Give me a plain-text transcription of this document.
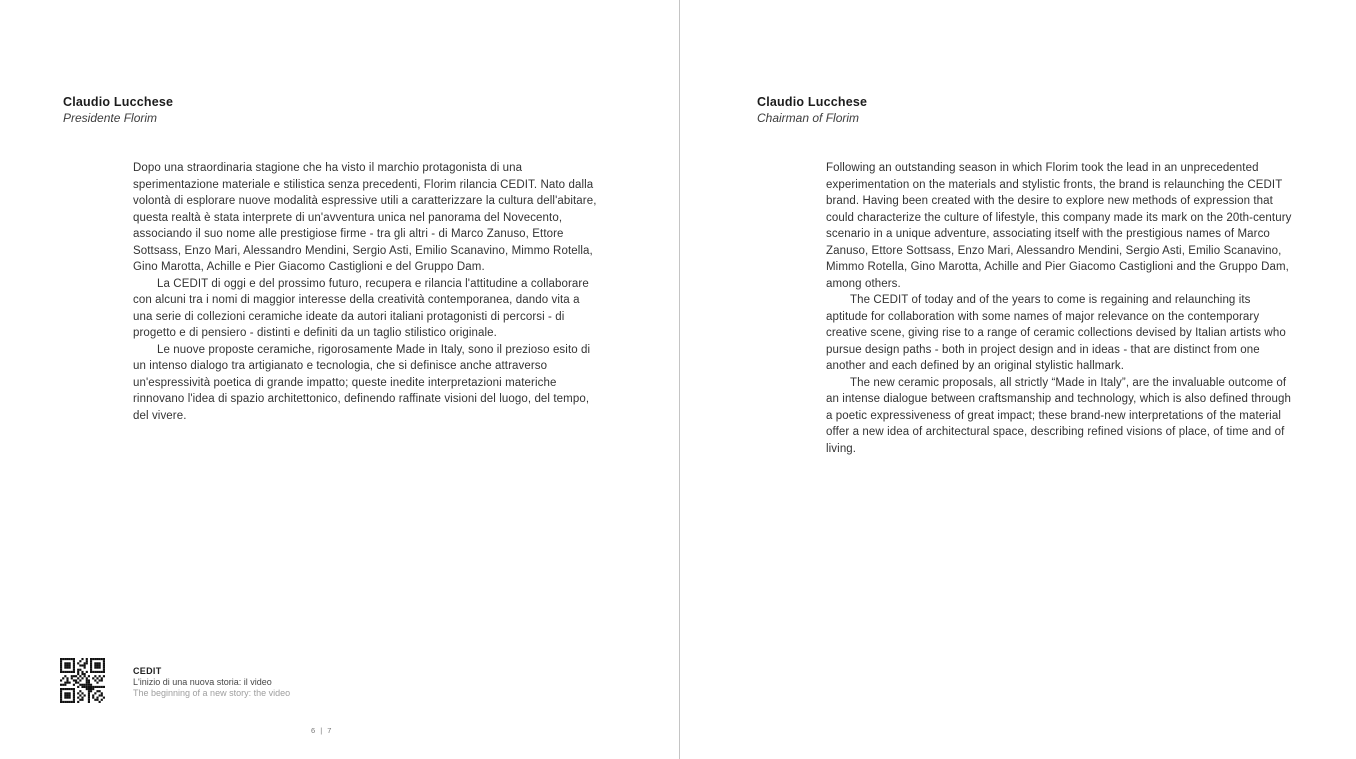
Claudio Lucchese
Presidente Florim

Dopo una straordinaria stagione che ha visto il marchio protagonista di una sperimentazione materiale e stilistica senza precedenti, Florim rilancia CEDIT. Nato dalla volontà di esplorare nuove modalità espressive utili a caratterizzare la cultura dell'abitare, questa realtà è stata interprete di un'avventura unica nel panorama del Novecento, associando il suo nome alle prestigiose firme - tra gli altri - di Marco Zanuso, Ettore Sottsass, Enzo Mari, Alessandro Mendini, Sergio Asti, Emilio Scanavino, Mimmo Rotella, Gino Marotta, Achille e Pier Giacomo Castiglioni e del Gruppo Dam.

La CEDIT di oggi e del prossimo futuro, recupera e rilancia l'attitudine a collaborare con alcuni tra i nomi di maggior interesse della creatività contemporanea, dando vita a una serie di collezioni ceramiche ideate da autori italiani protagonisti di percorsi - di progetto e di pensiero - distinti e definiti da un taglio stilistico originale.

Le nuove proposte ceramiche, rigorosamente Made in Italy, sono il prezioso esito di un intenso dialogo tra artigianato e tecnologia, che si definisce anche attraverso un'espressività poetica di grande impatto; queste inedite interpretazioni materiche rinnovano l'idea di spazio architettonico, definendo raffinate visioni del luogo, del tempo, del vivere.

CEDIT
L'inizio di una nuova storia: il video
The beginning of a new story: the video
6 | 7
Claudio Lucchese
Chairman of Florim

Following an outstanding season in which Florim took the lead in an unprecedented experimentation on the materials and stylistic fronts, the brand is relaunching the CEDIT brand. Having been created with the desire to explore new methods of expression that could characterize the culture of lifestyle, this company made its mark on the 20th-century scenario in a unique adventure, associating itself with the prestigious names of Marco Zanuso, Ettore Sottsass, Enzo Mari, Alessandro Mendini, Sergio Asti, Emilio Scanavino, Mimmo Rotella, Gino Marotta, Achille and Pier Giacomo Castiglioni and the Gruppo Dam, among others.

The CEDIT of today and of the years to come is regaining and relaunching its aptitude for collaboration with some names of major relevance on the contemporary creative scene, giving rise to a range of ceramic collections devised by Italian artists who pursue design paths - both in project design and in ideas - that are distinct from one another and each defined by an original stylistic hallmark.

The new ceramic proposals, all strictly “Made in Italy”, are the invaluable outcome of an intense dialogue between craftsmanship and technology, which is also defined through a poetic expressiveness of great impact; these brand-new interpretations of the material offer a new idea of architectural space, describing refined visions of place, of time and of living.
